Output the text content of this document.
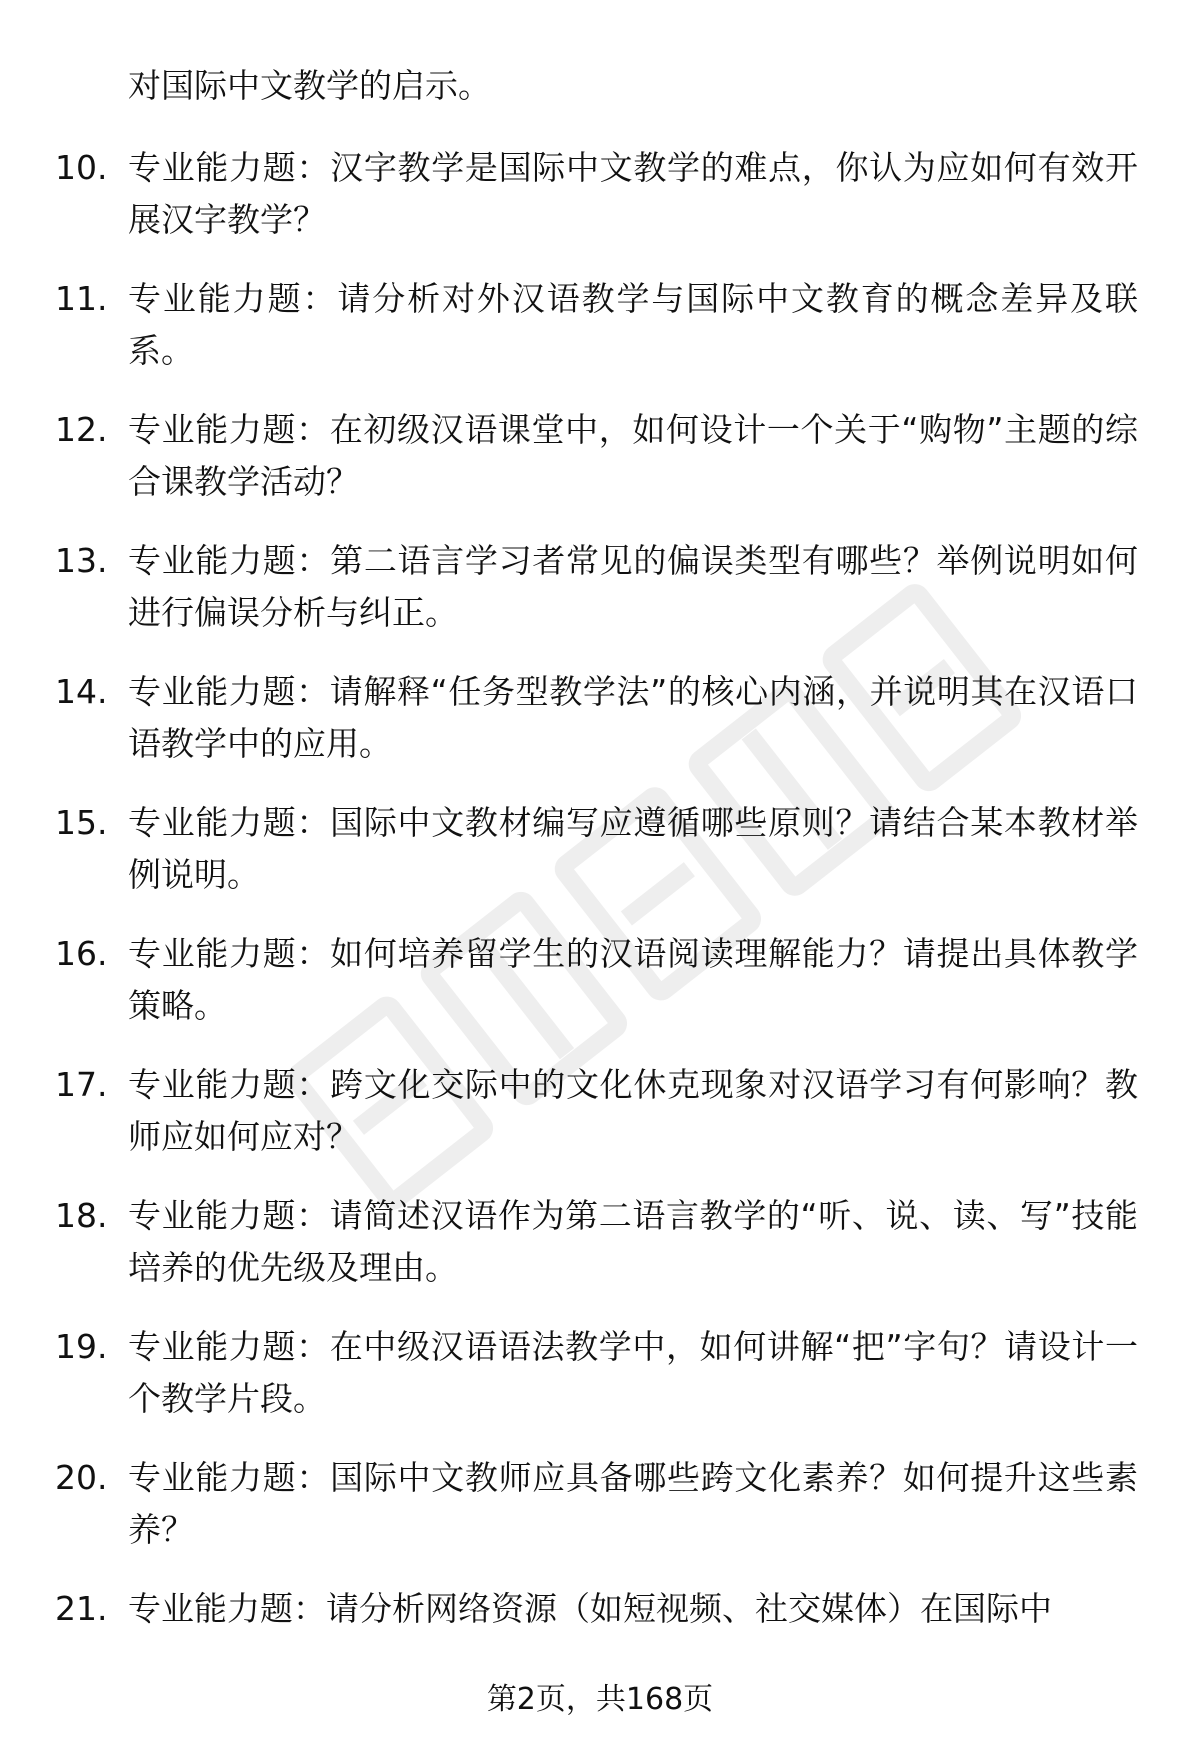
对国际中文教学的启示。
10. 专业能力题：汉字教学是国际中文教学的难点，你认为应如何有效开展汉字教学？
11. 专业能力题：请分析对外汉语教学与国际中文教育的概念差异及联系。
12. 专业能力题：在初级汉语课堂中，如何设计一个关于“购物”主题的综合课教学活动？
13. 专业能力题：第二语言学习者常见的偏误类型有哪些？举例说明如何进行偏误分析与纠正。
14. 专业能力题：请解释“任务型教学法”的核心内涵，并说明其在汉语口语教学中的应用。
15. 专业能力题：国际中文教材编写应遵循哪些原则？请结合某本教材举例说明。
16. 专业能力题：如何培养留学生的汉语阅读理解能力？请提出具体教学策略。
17. 专业能力题：跨文化交际中的文化休克现象对汉语学习有何影响？教师应如何应对？
18. 专业能力题：请简述汉语作为第二语言教学的“听、说、读、写”技能培养的优先级及理由。
19. 专业能力题：在中级汉语语法教学中，如何讲解“把”字句？请设计一个教学片段。
20. 专业能力题：国际中文教师应具备哪些跨文化素养？如何提升这些素养？
21. 专业能力题：请分析网络资源（如短视频、社交媒体）在国际中
第2页，共168页
